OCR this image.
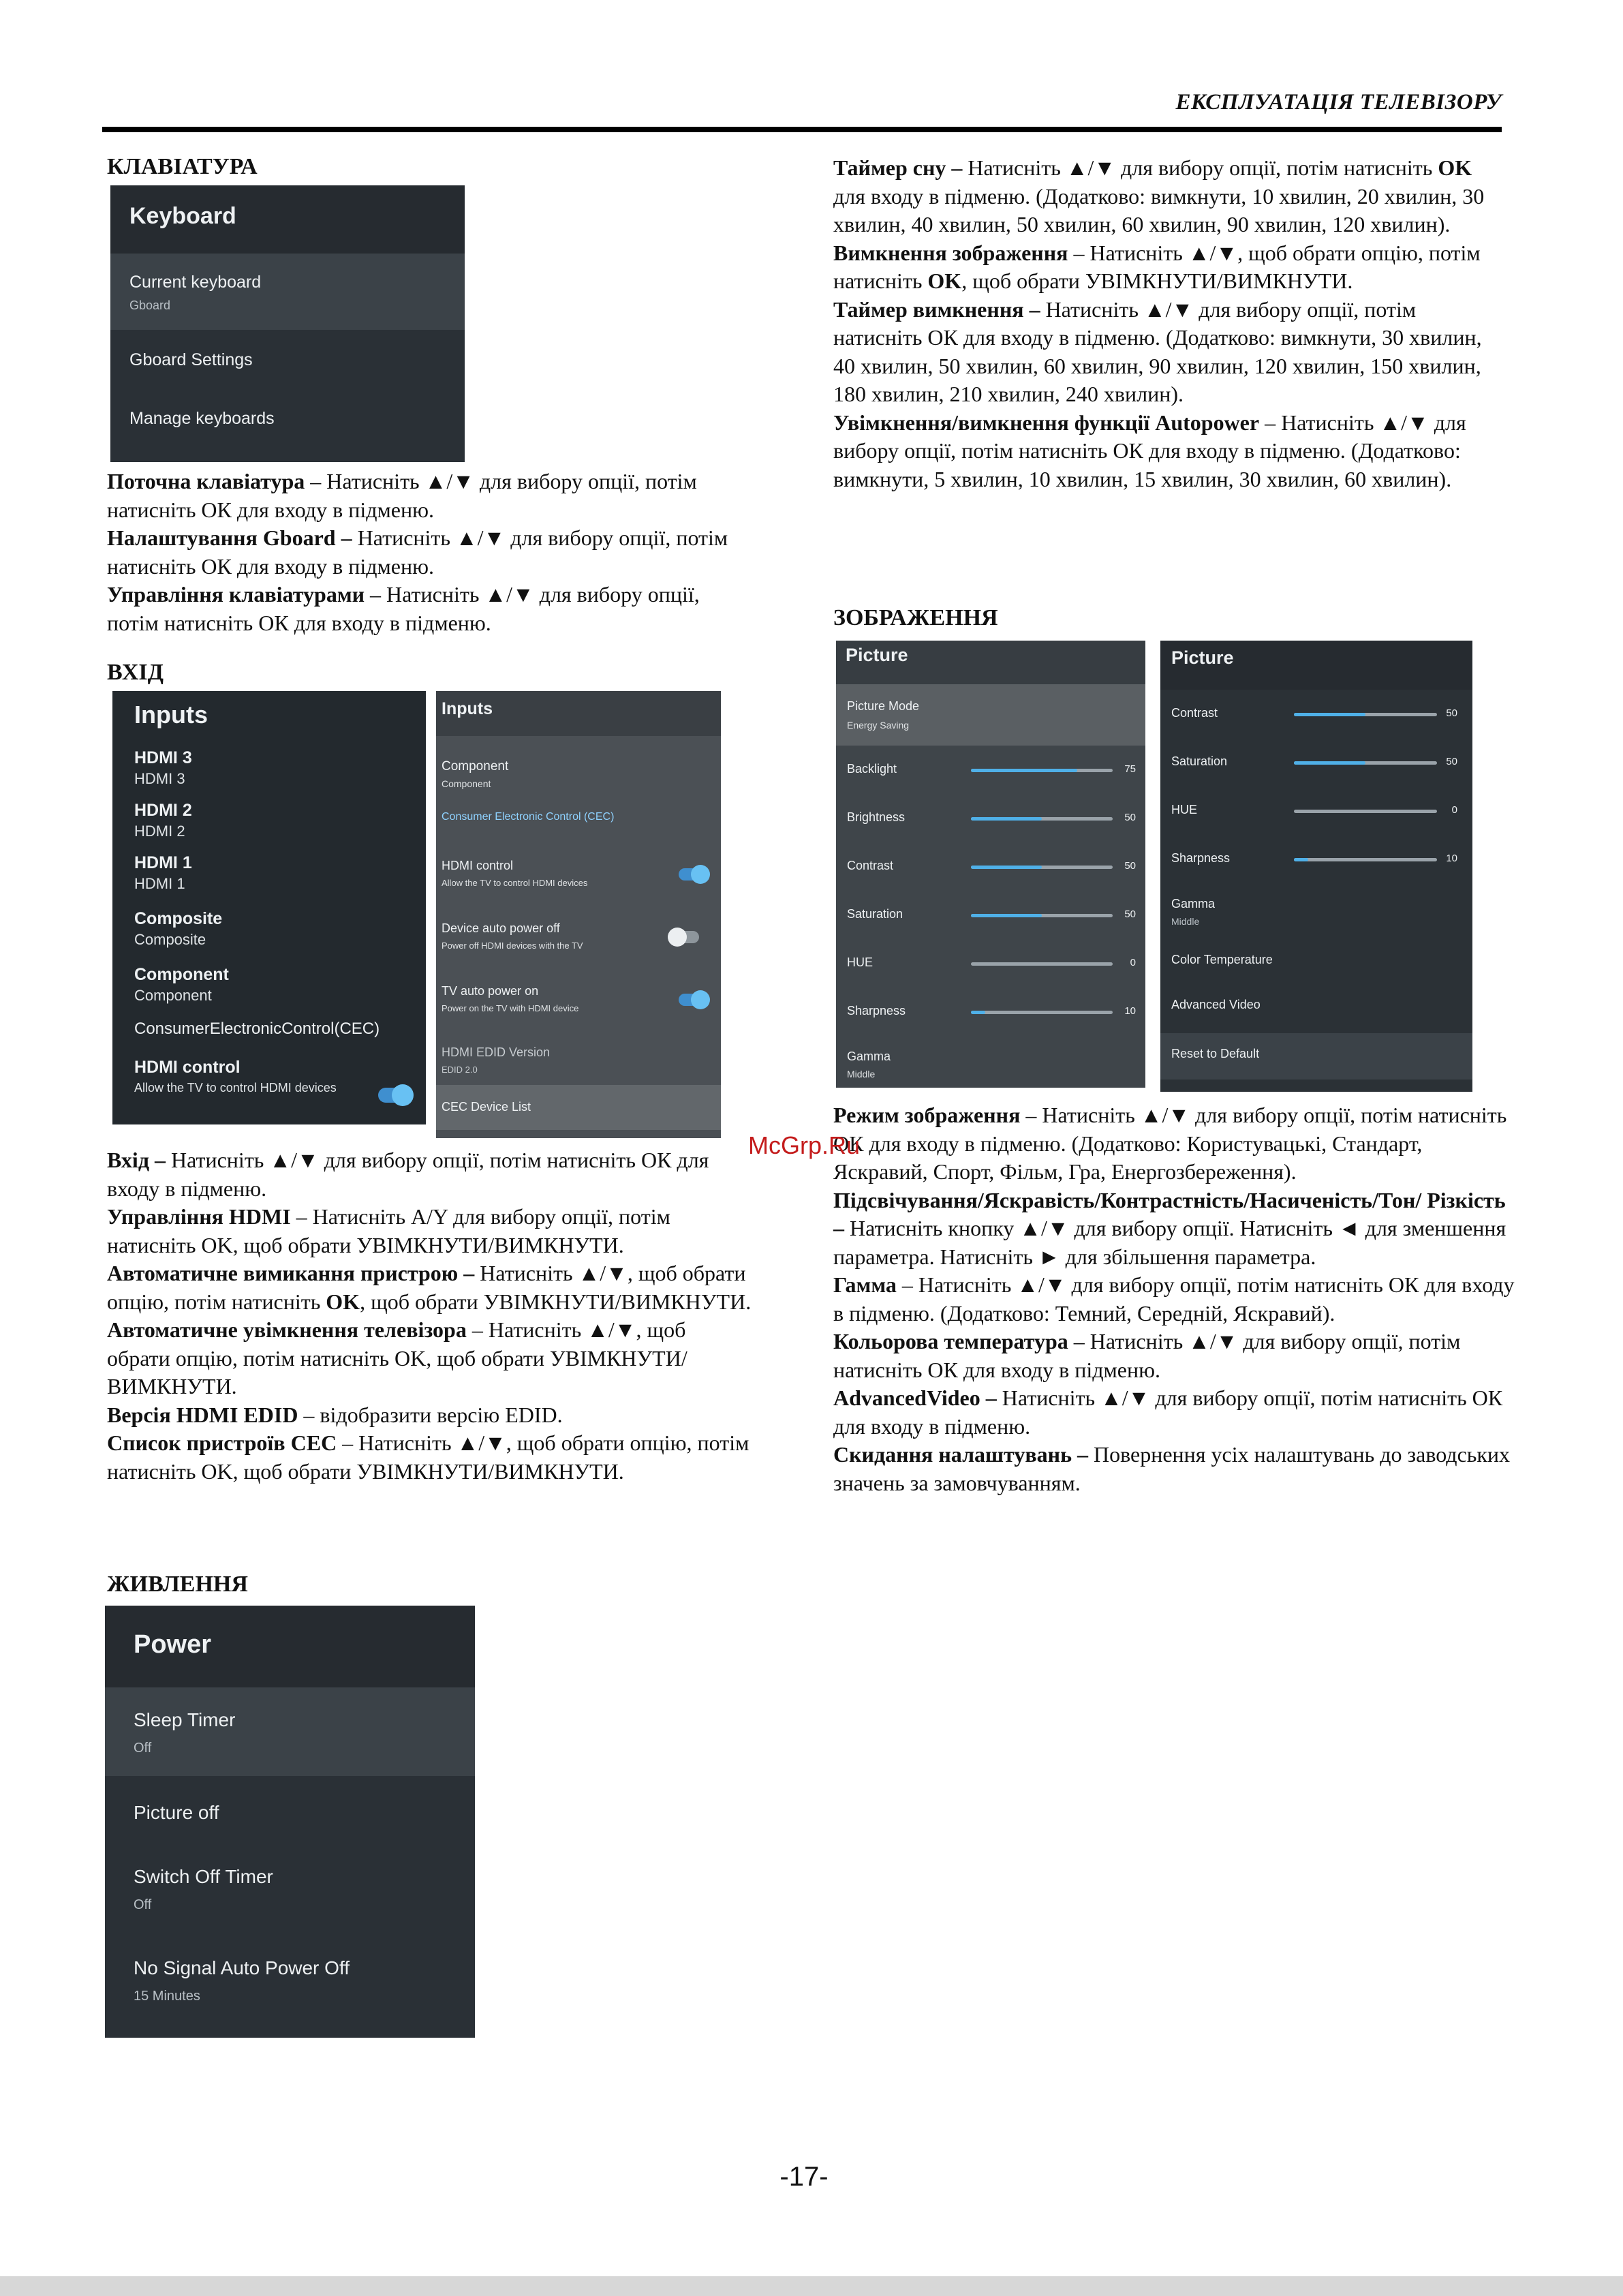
ЕКСПЛУАТАЦІЯ ТЕЛЕВІЗОРУ
КЛАВІАТУРА
Keyboard
Current keyboard
Gboard
Gboard Settings
Manage keyboards

Поточна клавіатура – Натисніть ▲/▼ для вибору опції, потім натисніть ОК для входу в підменю.

Налаштування Gboard – Натисніть ▲/▼ для вибору опції, потім натисніть ОК для входу в підменю.

Управління клавіатурами – Натисніть ▲/▼ для вибору опції, потім натисніть ОК для входу в підменю.

ВХІД
Inputs
HDMI 3
HDMI 3
HDMI 2
HDMI 2
HDMI 1
HDMI 1
Composite
Composite
Component
Component
ConsumerElectronicControl(CEC)
HDMI control
Allow the TV to control HDMI devices
Inputs
Component
Component
Consumer Electronic Control (CEC)
HDMI control
Allow the TV to control HDMI devices
Device auto power off
Power off HDMI devices with the TV
TV auto power on
Power on the TV with HDMI device
HDMI EDID Version
EDID 2.0
CEC Device List

Вхід – Натисніть ▲/▼ для вибору опції, потім натисніть ОК для входу в підменю.

Управління HDMI – Натисніть A/Y для вибору опції, потім натисніть OK, щоб обрати УВІМКНУТИ/ВИМКНУТИ.

Автоматичне вимикання пристрою – Натисніть ▲/▼, щоб обрати опцію, потім натисніть OK, щоб обрати УВІМКНУТИ/ВИМКНУТИ.

Автоматичне увімкнення телевізора – Натисніть ▲/▼, щоб обрати опцію, потім натисніть OK, щоб обрати УВІМКНУТИ/ВИМКНУТИ.

Версія HDMI EDID – відобразити версію EDID.

Список пристроїв CEC – Натисніть ▲/▼, щоб обрати опцію, потім натисніть OK, щоб обрати УВІМКНУТИ/ВИМКНУТИ.

ЖИВЛЕННЯ
Power
Sleep Timer
Off
Picture off
Switch Off Timer
Off
No Signal Auto Power Off
15 Minutes

Таймер сну – Натисніть ▲/▼ для вибору опції, потім натисніть OK для входу в підменю. (Додатково: вимкнути, 10 хвилин, 20 хвилин, 30 хвилин, 40 хвилин, 50 хвилин, 60 хвилин, 90 хвилин, 120 хвилин).

Вимкнення зображення – Натисніть ▲/▼, щоб обрати опцію, потім натисніть OK, щоб обрати УВІМКНУТИ/ВИМКНУТИ.

Таймер вимкнення – Натисніть ▲/▼ для вибору опції, потім натисніть ОК для входу в підменю. (Додатково: вимкнути, 30 хвилин, 40 хвилин, 50 хвилин, 60 хвилин, 90 хвилин, 120 хвилин, 150 хвилин, 180 хвилин, 210 хвилин, 240 хвилин).

Увімкнення/вимкнення функції Autopower – Натисніть ▲/▼ для вибору опції, потім натисніть ОК для входу в підменю. (Додатково: вимкнути, 5 хвилин, 10 хвилин, 15 хвилин, 30 хвилин, 60 хвилин).

ЗОБРАЖЕННЯ
Picture
Picture Mode
Energy Saving
Backlight	75
Brightness	50
Contrast	50
Saturation	50
HUE	0
Sharpness	10
Gamma
Middle
Picture
Contrast	50
Saturation	50
HUE	0
Sharpness	10
Gamma
Middle
Color Temperature
Advanced Video
Reset to Default

Режим зображення – Натисніть ▲/▼ для вибору опції, потім натисніть ОК для входу в підменю. (Додатково: Користувацькі, Стандарт, Яскравий, Спорт, Фільм, Гра, Енергозбереження).

Підсвічування/Яскравість/Контрастність/Насиченість/Тон/ Різкість – Натисніть кнопку ▲/▼ для вибору опції. Натисніть ◄ для зменшення параметра. Натисніть ► для збільшення параметра.

Гамма – Натисніть ▲/▼ для вибору опції, потім натисніть ОК для входу в підменю. (Додатково: Темний, Середній, Яскравий).

Кольорова температура – Натисніть ▲/▼ для вибору опції, потім натисніть ОК для входу в підменю.

AdvancedVideo – Натисніть ▲/▼ для вибору опції, потім натисніть ОК для входу в підменю.

Скидання налаштувань – Повернення усіх налаштувань до заводських значень за замовчуванням.

McGrp.Ru
-17-
